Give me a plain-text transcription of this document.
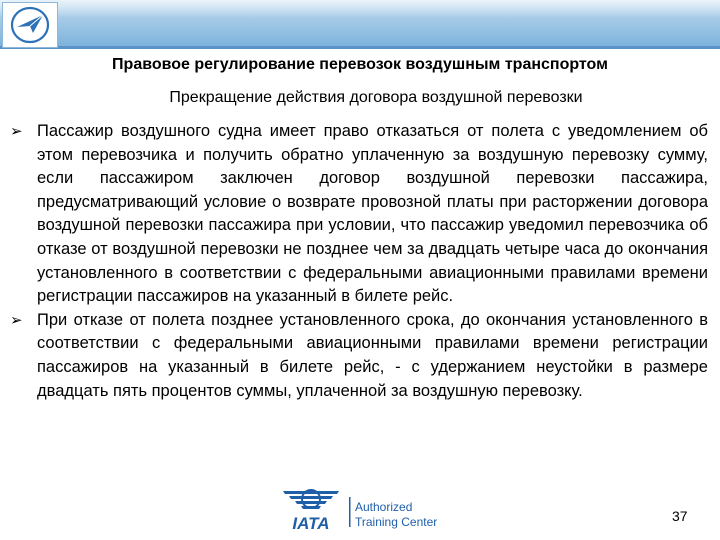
Правовое регулирование перевозок воздушным транспортом
Прекращение действия договора воздушной перевозки
➢ Пассажир воздушного судна имеет право отказаться от полета с уведомлением об этом перевозчика и получить обратно уплаченную за воздушную перевозку сумму, если пассажиром заключен договор воздушной перевозки пассажира, предусматривающий условие о возврате провозной платы при расторжении договора воздушной перевозки пассажира при условии, что пассажир уведомил перевозчика об отказе от воздушной перевозки не позднее чем за двадцать четыре часа до окончания установленного в соответствии с федеральными авиационными правилами времени регистрации пассажиров на указанный в билете рейс.
➢ При отказе от полета позднее установленного срока, до окончания установленного в соответствии с федеральными авиационными правилами времени регистрации пассажиров на указанный в билете рейс, - с удержанием неустойки в размере двадцать пять процентов суммы, уплаченной за воздушную перевозку.
IATA
Authorized
Training Center	37
